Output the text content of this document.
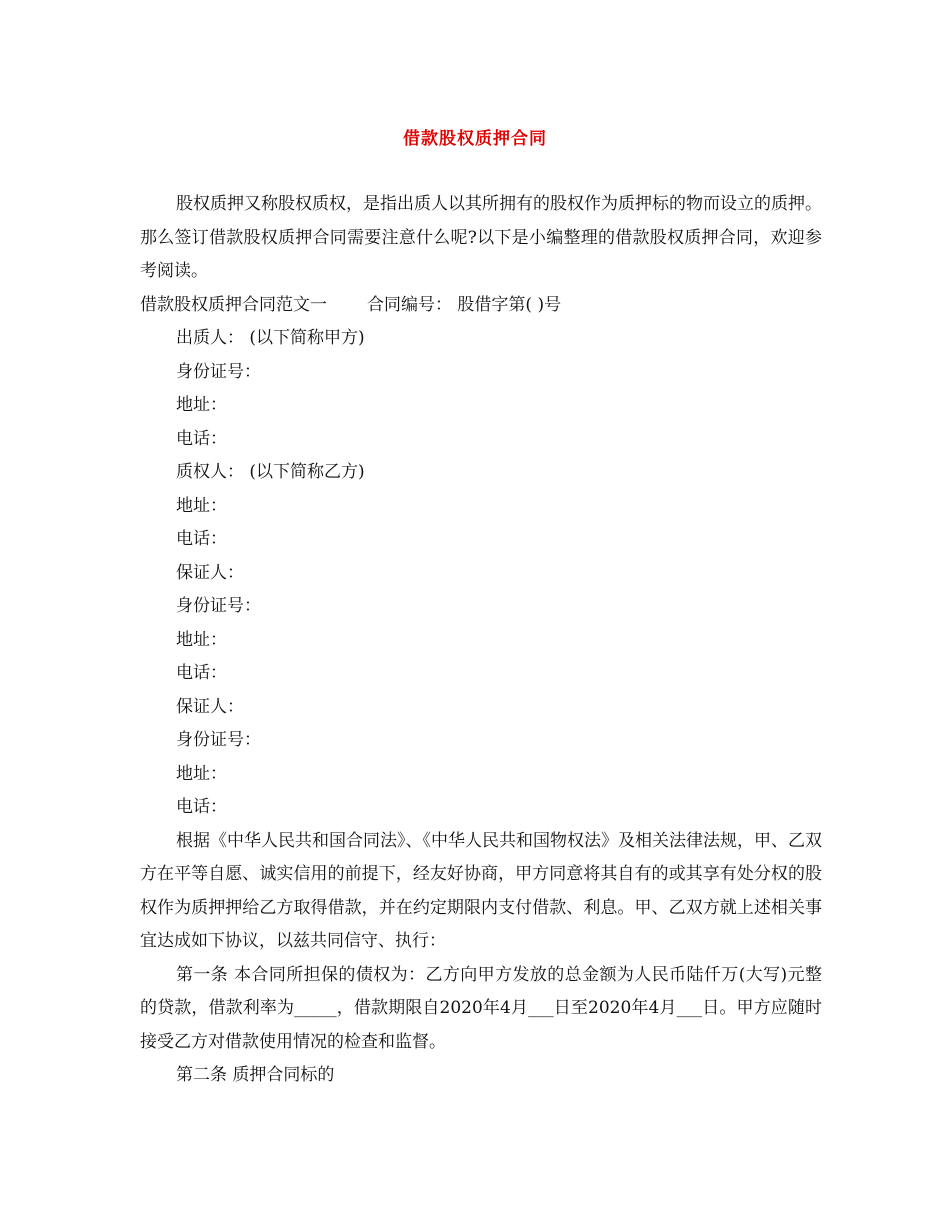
借款股权质押合同

股权质押又称股权质权，是指出质人以其所拥有的股权作为质押标的物而设立的质押。那么签订借款股权质押合同需要注意什么呢?以下是小编整理的借款股权质押合同，欢迎参考阅读。

借款股权质押合同范文一 合同编号： 股借字第( )号

出质人： (以下简称甲方)

身份证号：

地址：

电话：

质权人： (以下简称乙方)

地址：

电话：

保证人：

身份证号：

地址：

电话：

保证人：

身份证号：

地址：

电话：

根据《中华人民共和国合同法》、《中华人民共和国物权法》及相关法律法规，甲、乙双方在平等自愿、诚实信用的前提下，经友好协商，甲方同意将其自有的或其享有处分权的股权作为质押押给乙方取得借款，并在约定期限内支付借款、利息。甲、乙双方就上述相关事宜达成如下协议，以兹共同信守、执行：

第一条 本合同所担保的债权为：乙方向甲方发放的总金额为人民币陆仟万(大写)元整的贷款，借款利率为_____，借款期限自2020年4月___日至2020年4月___日。甲方应随时接受乙方对借款使用情况的检查和监督。

第二条 质押合同标的
